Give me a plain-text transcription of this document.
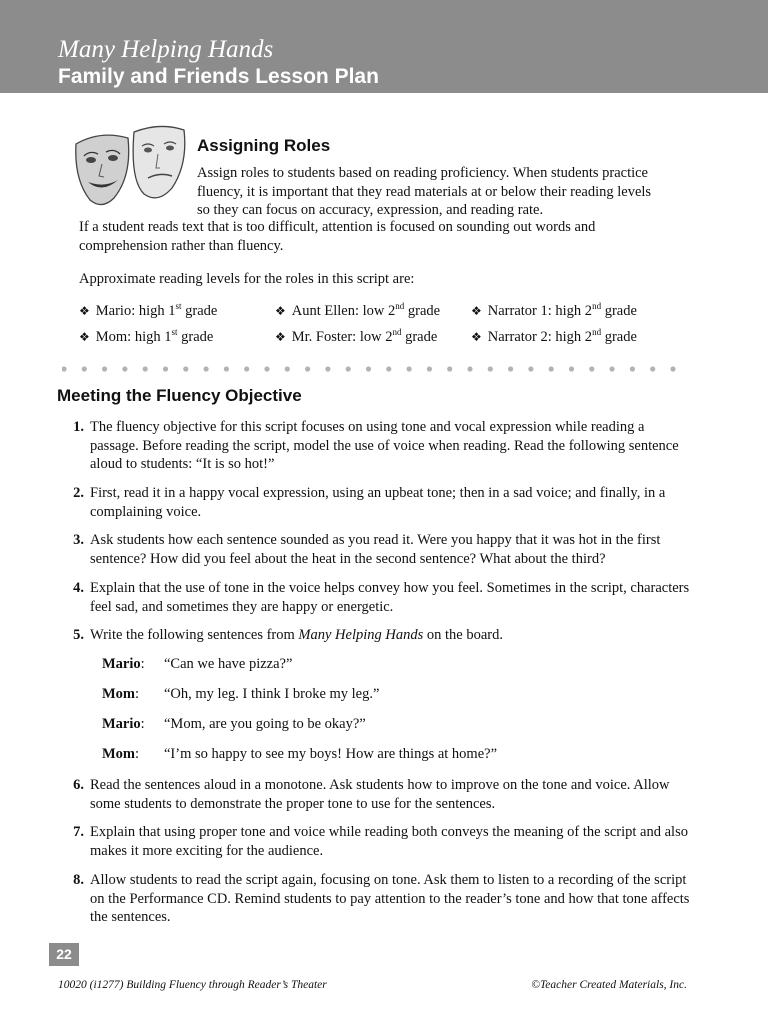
Many Helping Hands
Family and Friends Lesson Plan
Assigning Roles

Assign roles to students based on reading proficiency. When students practice fluency, it is important that they read materials at or below their reading levels so they can focus on accuracy, expression, and reading rate.

If a student reads text that is too difficult, attention is focused on sounding out words and comprehension rather than fluency.

Approximate reading levels for the roles in this script are:

❖ Mario: high 1st grade
❖ Mom: high 1st grade
❖ Aunt Ellen: low 2nd grade
❖ Mr. Foster: low 2nd grade
❖ Narrator 1: high 2nd grade
❖ Narrator 2: high 2nd grade
Meeting the Fluency Objective
1. The fluency objective for this script focuses on using tone and vocal expression while reading a passage. Before reading the script, model the use of voice when reading. Read the following sentence aloud to students: “It is so hot!”
2. First, read it in a happy vocal expression, using an upbeat tone; then in a sad voice; and finally, in a complaining voice.
3. Ask students how each sentence sounded as you read it. Were you happy that it was hot in the first sentence? How did you feel about the heat in the second sentence? What about the third?
4. Explain that the use of tone in the voice helps convey how you feel. Sometimes in the script, characters feel sad, and sometimes they are happy or energetic.
5. Write the following sentences from Many Helping Hands on the board.
Mario: “Can we have pizza?”
Mom: “Oh, my leg. I think I broke my leg.”
Mario: “Mom, are you going to be okay?”
Mom: “I’m so happy to see my boys! How are things at home?”
6. Read the sentences aloud in a monotone. Ask students how to improve on the tone and voice. Allow some students to demonstrate the proper tone to use for the sentences.
7. Explain that using proper tone and voice while reading both conveys the meaning of the script and also makes it more exciting for the audience.
8. Allow students to read the script again, focusing on tone. Ask them to listen to a recording of the script on the Performance CD. Remind students to pay attention to the reader’s tone and how that tone affects the sentences.
22
10020 (i1277) Building Fluency through Reader’s Theater	©Teacher Created Materials, Inc.
